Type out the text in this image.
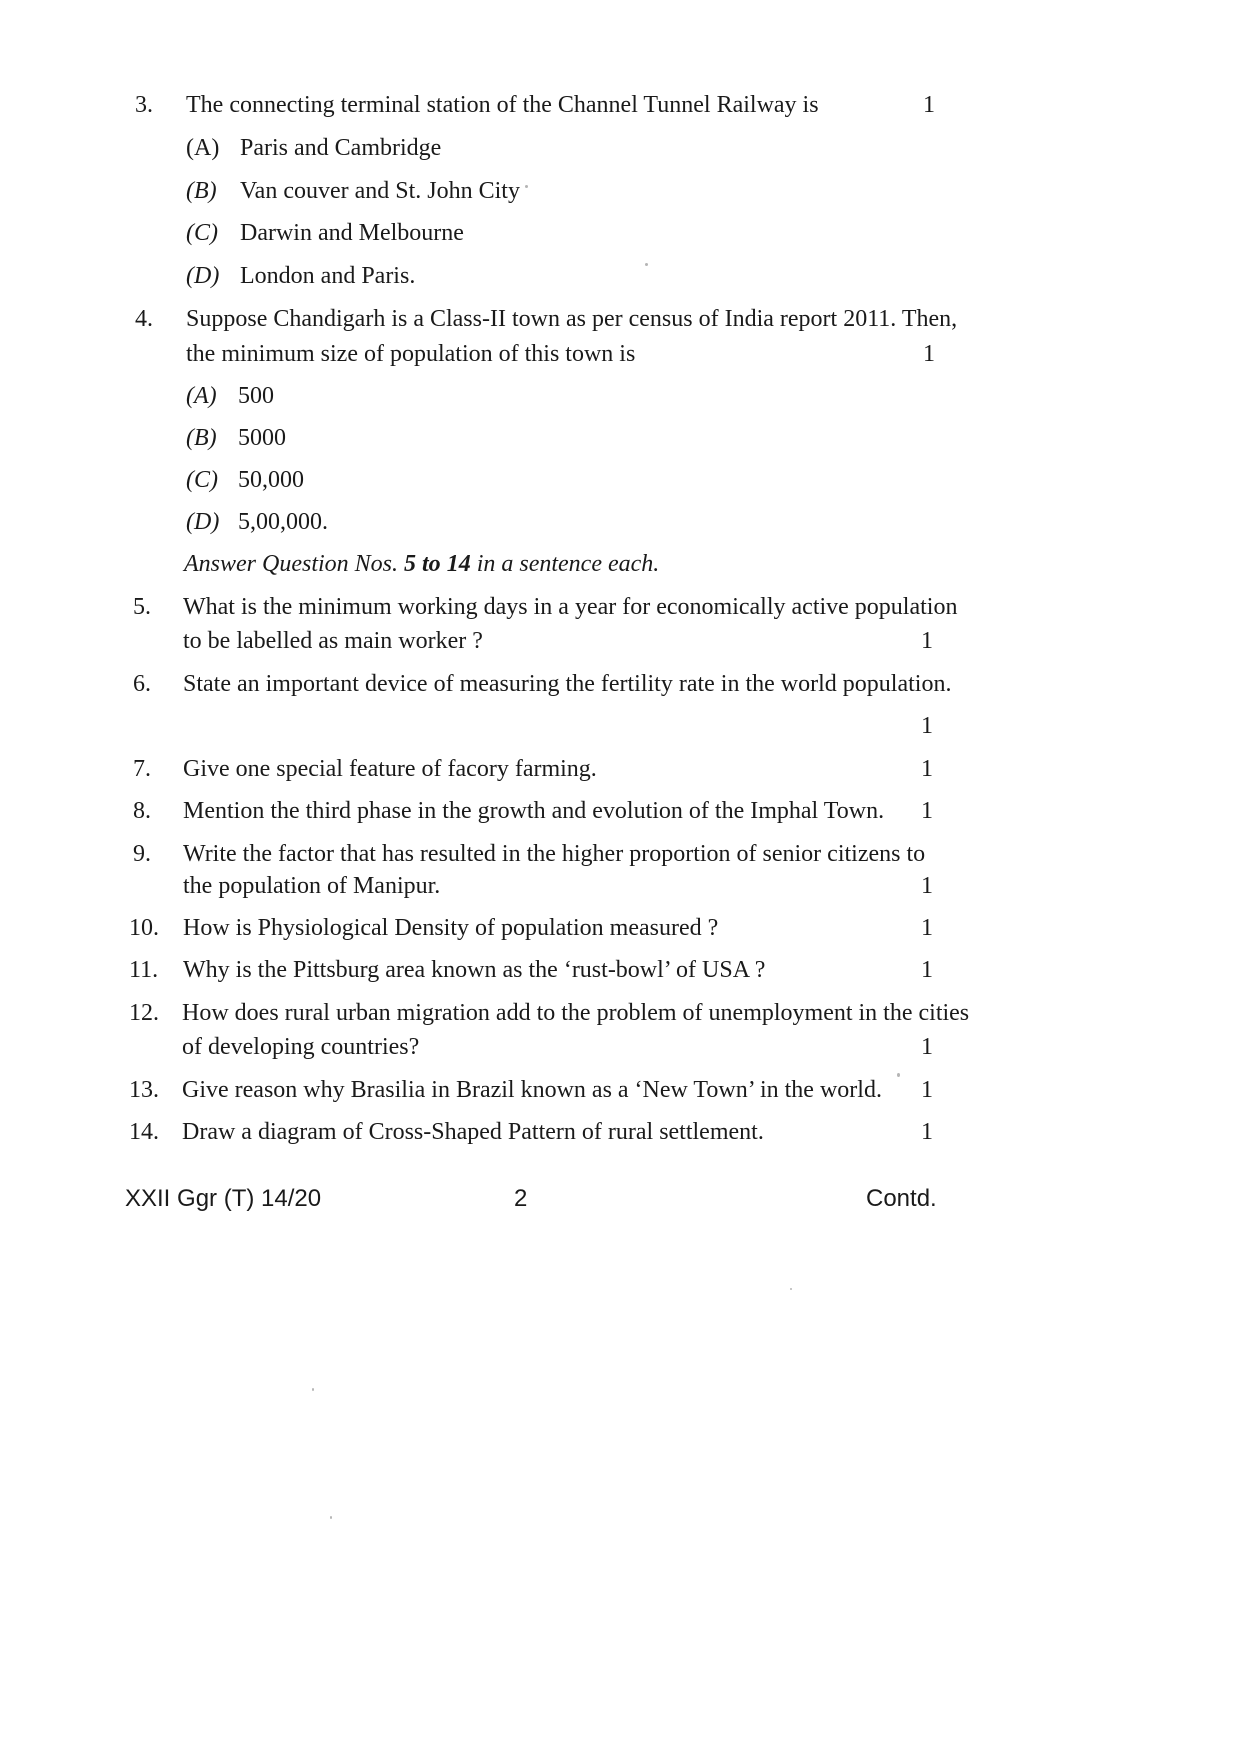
3. The connecting terminal station of the Channel Tunnel Railway is	1
(A) Paris and Cambridge
(B) Van couver and St. John City
(C) Darwin and Melbourne
(D) London and Paris.
4. Suppose Chandigarh is a Class-II town as per census of India report 2011. Then,
the minimum size of population of this town is	1
(A) 500
(B) 5000
(C) 50,000
(D) 5,00,000.
Answer Question Nos. 5 to 14 in a sentence each.
5. What is the minimum working days in a year for economically active population
to be labelled as main worker ?	1
6. State an important device of measuring the fertility rate in the world population.
1
7. Give one special feature of facory farming.	1
8. Mention the third phase in the growth and evolution of the Imphal Town.	1
9. Write the factor that has resulted in the higher proportion of senior citizens to
the population of Manipur.	1
10. How is Physiological Density of population measured ?	1
11. Why is the Pittsburg area known as the ‘rust-bowl’ of USA ?	1
12. How does rural urban migration add to the problem of unemployment in the cities
of developing countries?	1
13. Give reason why Brasilia in Brazil known as a ‘New Town’ in the world.	1
14. Draw a diagram of Cross-Shaped Pattern of rural settlement.	1
XXII Ggr (T) 14/20	2	Contd.
